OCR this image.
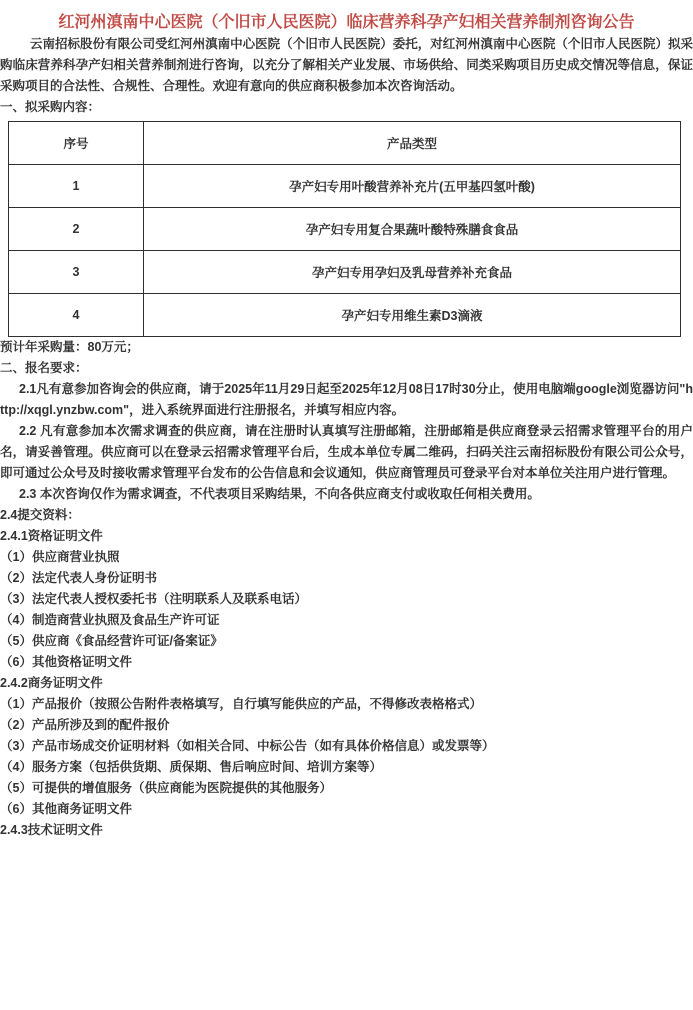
红河州滇南中心医院（个旧市人民医院）临床营养科孕产妇相关营养制剂咨询公告

云南招标股份有限公司受红河州滇南中心医院（个旧市人民医院）委托，对红河州滇南中心医院（个旧市人民医院）拟采购临床营养科孕产妇相关营养制剂进行咨询，以充分了解相关产业发展、市场供给、同类采购项目历史成交情况等信息，保证采购项目的合法性、合规性、合理性。欢迎有意向的供应商积极参加本次咨询活动。

一、拟采购内容：

序号	产品类型
1	孕产妇专用叶酸营养补充片(五甲基四氢叶酸)
2	孕产妇专用复合果蔬叶酸特殊膳食食品
3	孕产妇专用孕妇及乳母营养补充食品
4	孕产妇专用维生素D3滴液

预计年采购量：80万元；

二、报名要求：

2.1凡有意参加咨询会的供应商，请于2025年11月29日起至2025年12月08日17时30分止，使用电脑端google浏览器访问"http://xqgl.ynzbw.com"，进入系统界面进行注册报名，并填写相应内容。

2.2 凡有意参加本次需求调查的供应商，请在注册时认真填写注册邮箱，注册邮箱是供应商登录云招需求管理平台的用户名，请妥善管理。供应商可以在登录云招需求管理平台后，生成本单位专属二维码，扫码关注云南招标股份有限公司公众号，即可通过公众号及时接收需求管理平台发布的公告信息和会议通知，供应商管理员可登录平台对本单位关注用户进行管理。

2.3 本次咨询仅作为需求调查，不代表项目采购结果，不向各供应商支付或收取任何相关费用。

2.4提交资料：

2.4.1资格证明文件

（1）供应商营业执照

（2）法定代表人身份证明书

（3）法定代表人授权委托书（注明联系人及联系电话）

（4）制造商营业执照及食品生产许可证

（5）供应商《食品经营许可证/备案证》

（6）其他资格证明文件

2.4.2商务证明文件

（1）产品报价（按照公告附件表格填写，自行填写能供应的产品，不得修改表格格式）

（2）产品所涉及到的配件报价

（3）产品市场成交价证明材料（如相关合同、中标公告（如有具体价格信息）或发票等）

（4）服务方案（包括供货期、质保期、售后响应时间、培训方案等）

（5）可提供的增值服务（供应商能为医院提供的其他服务）

（6）其他商务证明文件

2.4.3技术证明文件
